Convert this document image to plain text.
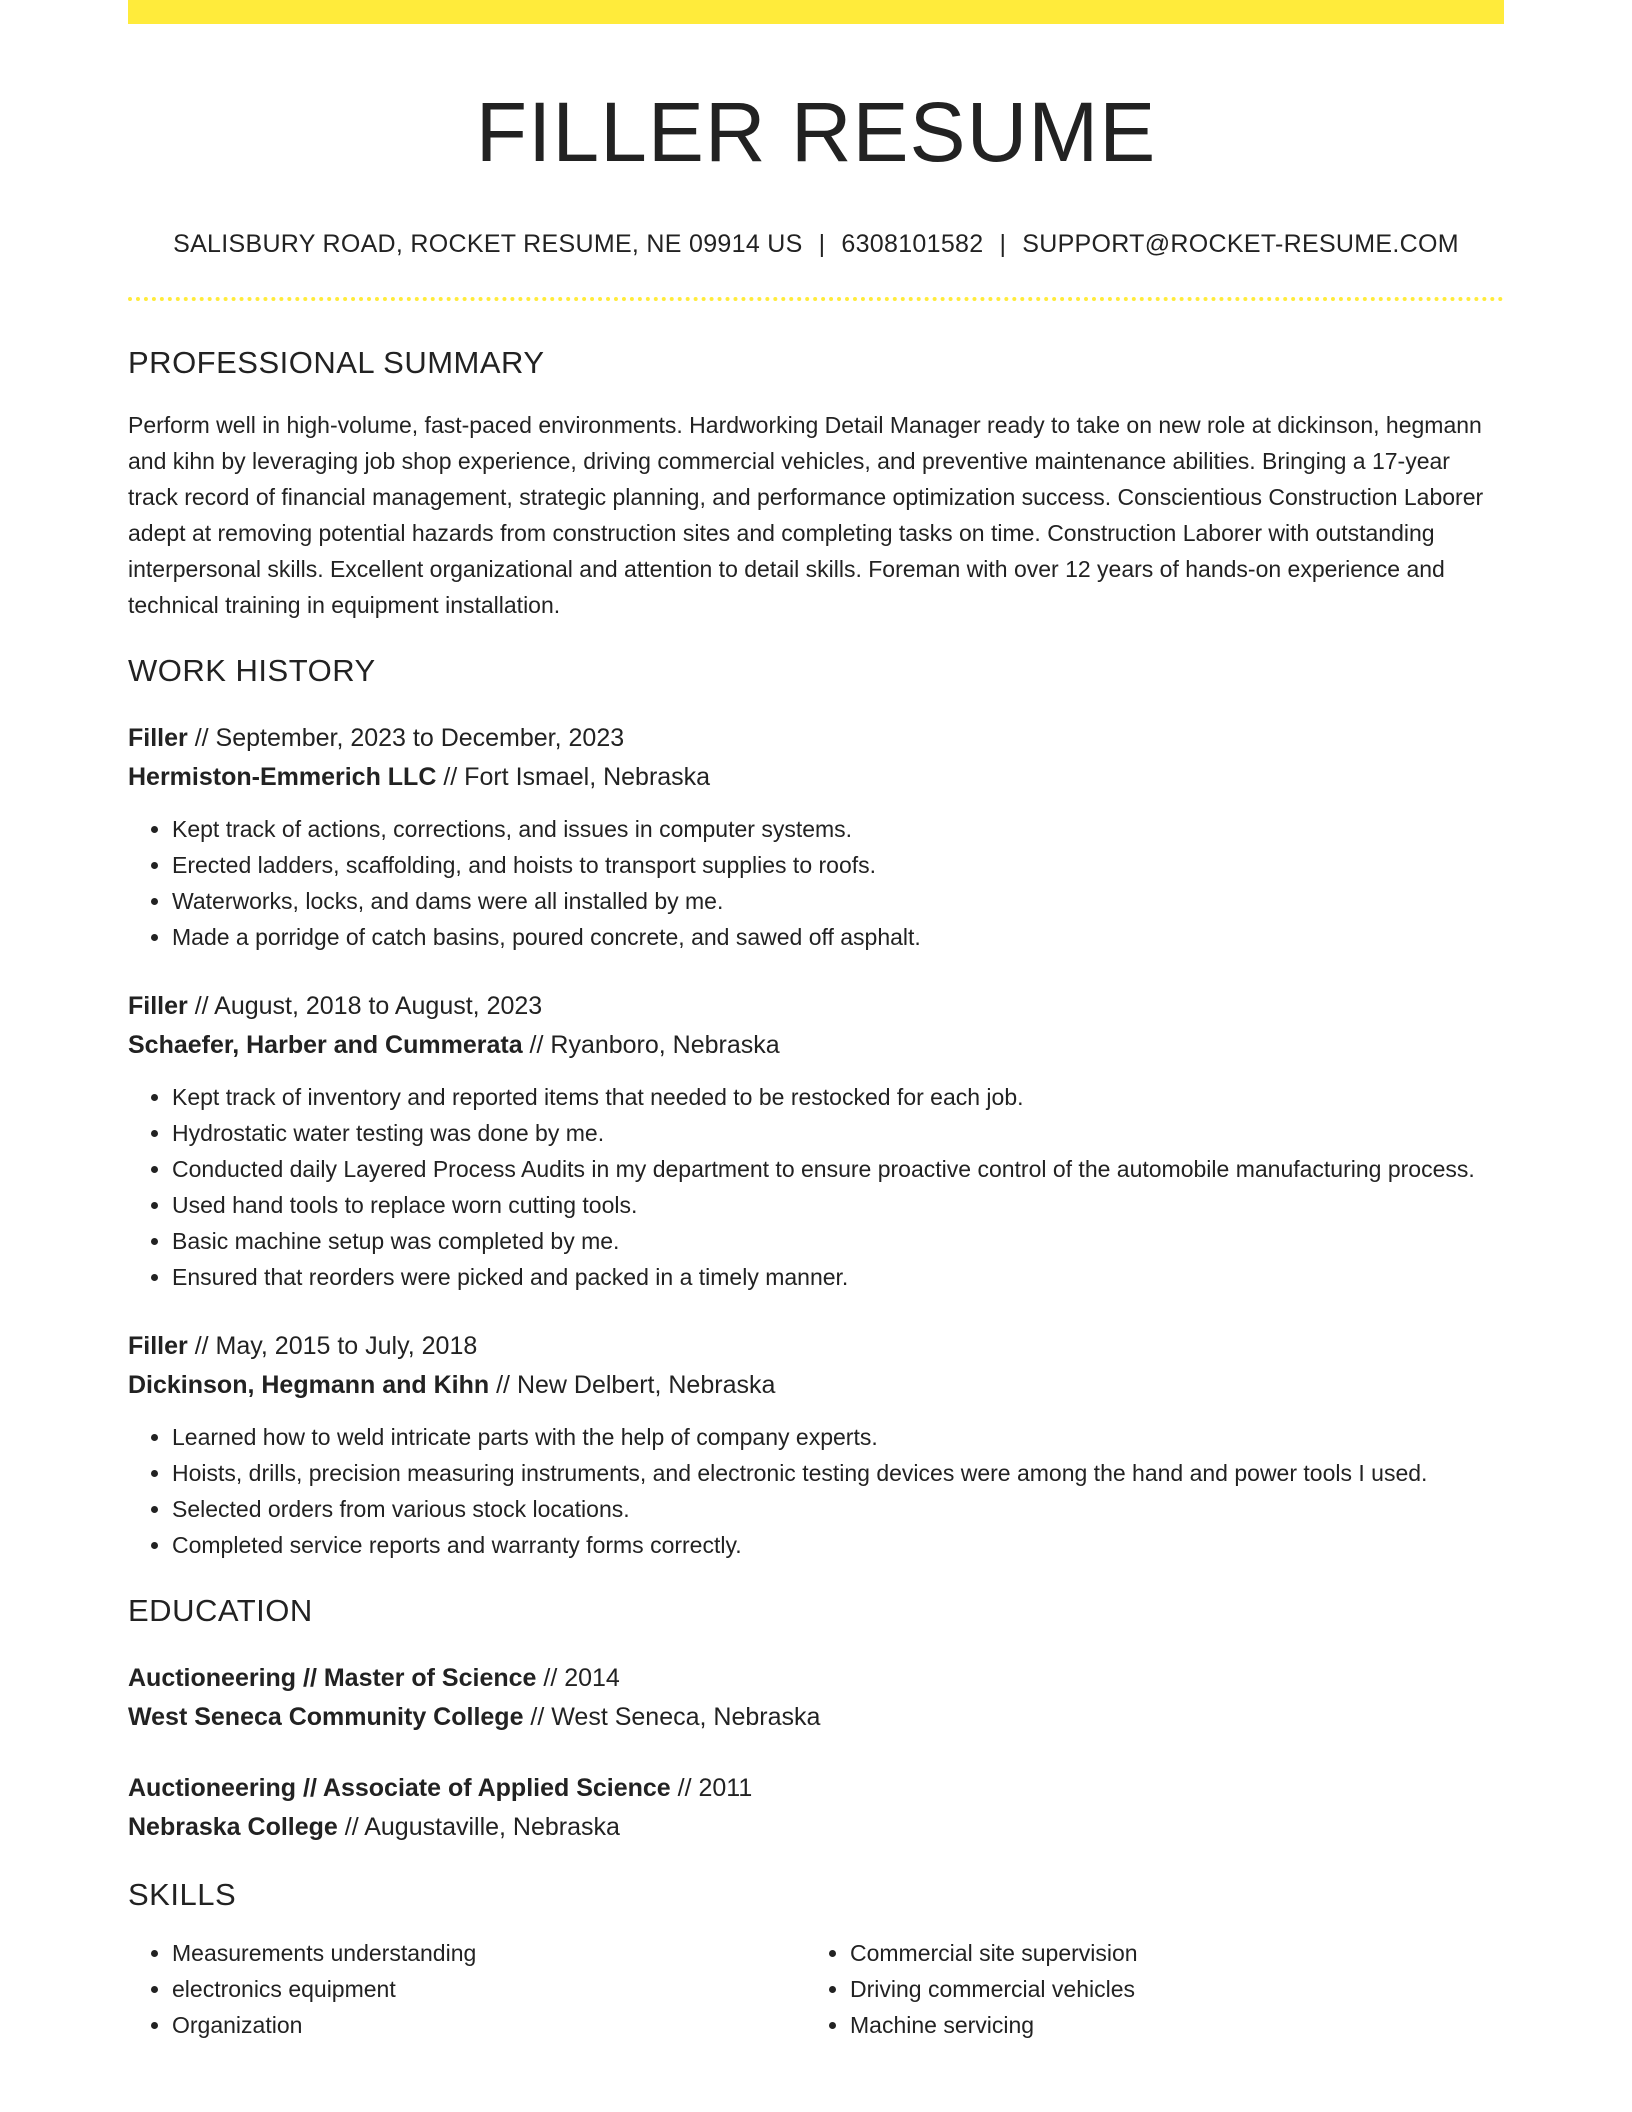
FILLER RESUME
SALISBURY ROAD, ROCKET RESUME, NE 09914 US | 6308101582 | SUPPORT@ROCKET-RESUME.COM
PROFESSIONAL SUMMARY

Perform well in high-volume, fast-paced environments. Hardworking Detail Manager ready to take on new role at dickinson, hegmann and kihn by leveraging job shop experience, driving commercial vehicles, and preventive maintenance abilities. Bringing a 17-year track record of financial management, strategic planning, and performance optimization success. Conscientious Construction Laborer adept at removing potential hazards from construction sites and completing tasks on time. Construction Laborer with outstanding interpersonal skills. Excellent organizational and attention to detail skills. Foreman with over 12 years of hands-on experience and technical training in equipment installation.

WORK HISTORY
Filler // September, 2023 to December, 2023
Hermiston-Emmerich LLC // Fort Ismael, Nebraska
• Kept track of actions, corrections, and issues in computer systems.
• Erected ladders, scaffolding, and hoists to transport supplies to roofs.
• Waterworks, locks, and dams were all installed by me.
• Made a porridge of catch basins, poured concrete, and sawed off asphalt.
Filler // August, 2018 to August, 2023
Schaefer, Harber and Cummerata // Ryanboro, Nebraska
• Kept track of inventory and reported items that needed to be restocked for each job.
• Hydrostatic water testing was done by me.
• Conducted daily Layered Process Audits in my department to ensure proactive control of the automobile manufacturing process.
• Used hand tools to replace worn cutting tools.
• Basic machine setup was completed by me.
• Ensured that reorders were picked and packed in a timely manner.
Filler // May, 2015 to July, 2018
Dickinson, Hegmann and Kihn // New Delbert, Nebraska
• Learned how to weld intricate parts with the help of company experts.
• Hoists, drills, precision measuring instruments, and electronic testing devices were among the hand and power tools I used.
• Selected orders from various stock locations.
• Completed service reports and warranty forms correctly.
EDUCATION
Auctioneering // Master of Science // 2014
West Seneca Community College // West Seneca, Nebraska
Auctioneering // Associate of Applied Science // 2011
Nebraska College // Augustaville, Nebraska
SKILLS
• Measurements understanding
• electronics equipment
• Organization
• Commercial site supervision
• Driving commercial vehicles
• Machine servicing
